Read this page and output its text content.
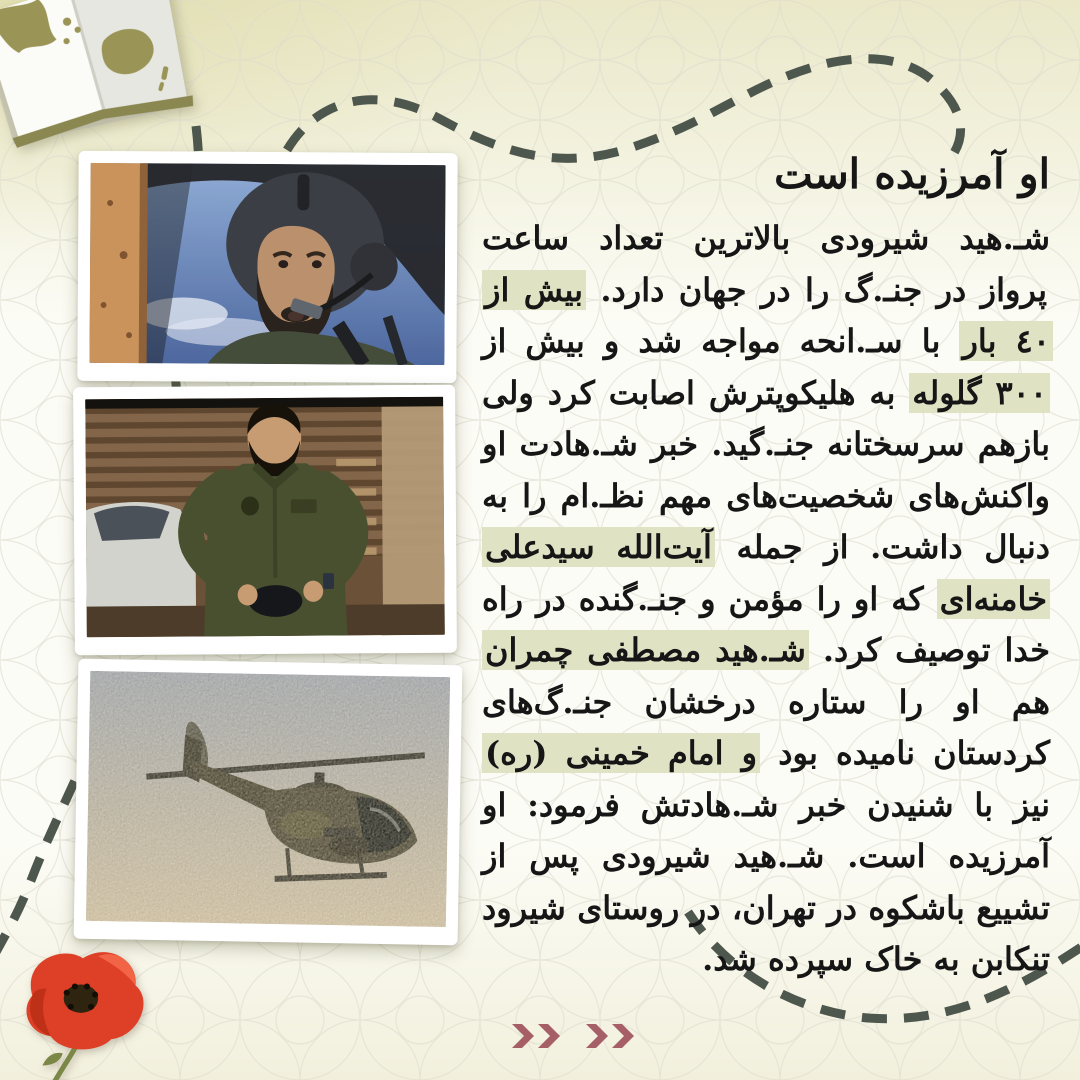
او آمرزیده است

شـ.هید شیرودی بالاترین تعداد ساعت پرواز در جنـ.گ را در جهان دارد. بیش از ٤٠ بار با سـ.انحه مواجه شد و بیش از ۳۰۰ گلوله به هلیکوپترش اصابت کرد ولی بازهم سرسختانه جنـ.گید. خبر شـ.هادت او واکنش‌های شخصیت‌های مهم نظـ.ام را به دنبال داشت. از جمله آیت‌الله سیدعلی خامنه‌ای که او را مؤمن و جنـ.گنده در راه خدا توصیف کرد. شـ.هید مصطفی چمران هم او را ستاره درخشان جنـ.گ‌های کردستان نامیده بود و امام خمینی (ره) نیز با شنیدن خبر شـ.هادتش فرمود: او آمرزیده است. شـ.هید شیرودی پس از تشییع باشکوه در تهران، در روستای شیرود تنکابن به خاک سپرده شد.
